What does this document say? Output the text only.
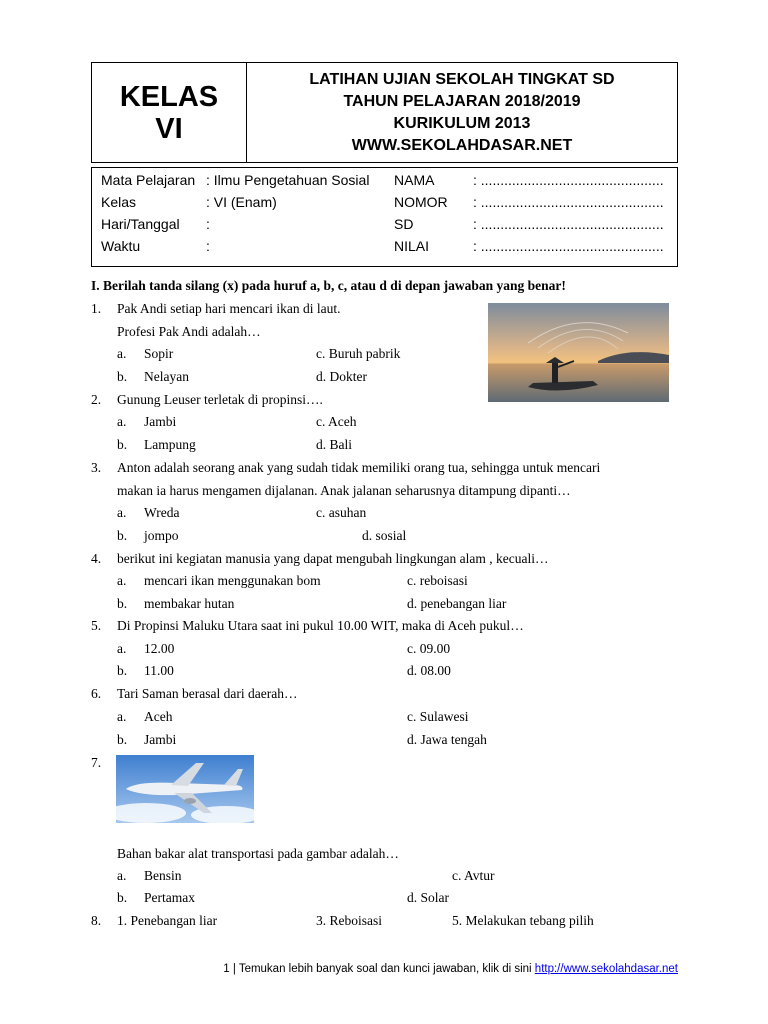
KELAS
VI
LATIHAN UJIAN SEKOLAH TINGKAT SD
TAHUN PELAJARAN 2018/2019
KURIKULUM 2013
WWW.SEKOLAHDASAR.NET
Mata Pelajaran : Ilmu Pengetahuan Sosial NAMA	: ...............................................
Kelas	: VI (Enam)	NOMOR : ...............................................
Hari/Tanggal :	SD	: ...............................................
Waktu	:	NILAI	: ...............................................
I. Berilah tanda silang (x) pada huruf a, b, c, atau d di depan jawaban yang benar!
1. Pak Andi setiap hari mencari ikan di laut.
Profesi Pak Andi adalah…
a. Sopir	c. Buruh pabrik
b. Nelayan	d. Dokter
2. Gunung Leuser terletak di propinsi….
a. Jambi	c. Aceh
b. Lampung	d. Bali
3. Anton adalah seorang anak yang sudah tidak memiliki orang tua, sehingga untuk mencari
makan ia harus mengamen dijalanan. Anak jalanan seharusnya ditampung dipanti…
a. Wreda	c. asuhan
b. jompo	d. sosial
4. berikut ini kegiatan manusia yang dapat mengubah lingkungan alam , kecuali…
a. mencari ikan menggunakan bom	c. reboisasi
b. membakar hutan	d. penebangan liar
5. Di Propinsi Maluku Utara saat ini pukul 10.00 WIT, maka di Aceh pukul…
a. 12.00	c. 09.00
b. 11.00	d. 08.00
6. Tari Saman berasal dari daerah…
a. Aceh	c. Sulawesi
b. Jambi	d. Jawa tengah
7.
Bahan bakar alat transportasi pada gambar adalah…
a. Bensin	c. Avtur
b. Pertamax	d. Solar
8. 1. Penebangan liar	3. Reboisasi	5. Melakukan tebang pilih
1 | Temukan lebih banyak soal dan kunci jawaban, klik di sini http://www.sekolahdasar.net
